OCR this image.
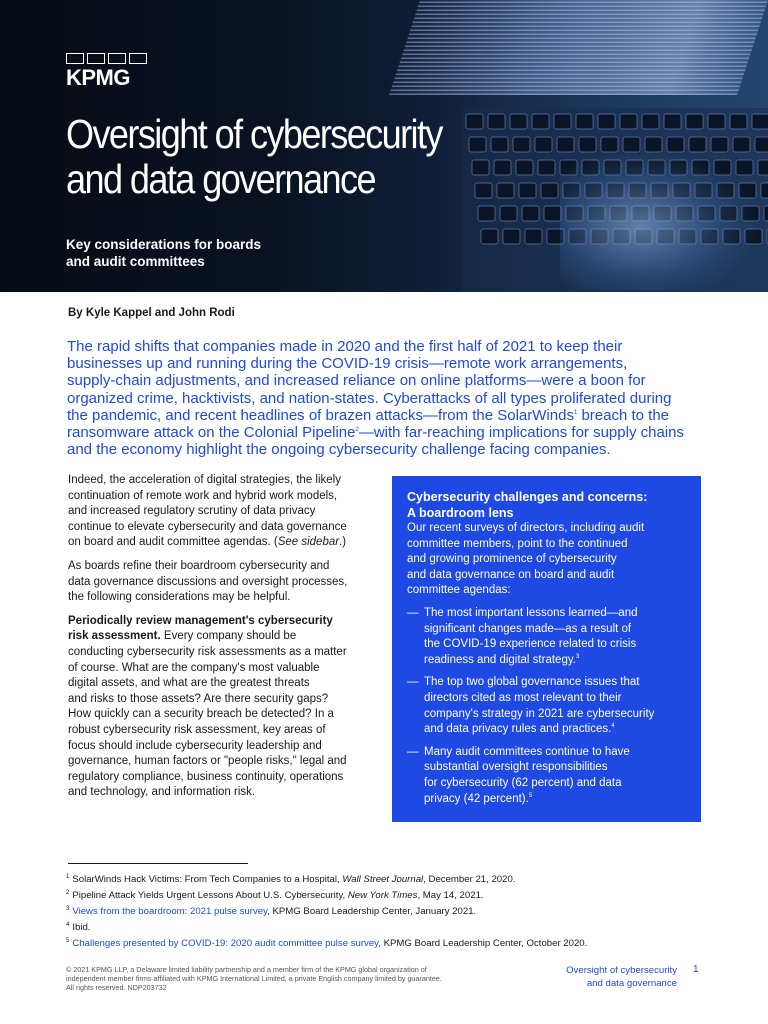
KPMG
Oversight of cybersecurity
and data governance
Key considerations for boards
and audit committees
By Kyle Kappel and John Rodi

The rapid shifts that companies made in 2020 and the first half of 2021 to keep their
businesses up and running during the COVID-19 crisis—remote work arrangements,
supply-chain adjustments, and increased reliance on online platforms—were a boon for
organized crime, hacktivists, and nation-states. Cyberattacks of all types proliferated during
the pandemic, and recent headlines of brazen attacks—from the SolarWinds$^1$ breach to the
ransomware attack on the Colonial Pipeline$^2$—with far-reaching implications for supply chains
and the economy highlight the ongoing cybersecurity challenge facing companies.

Indeed, the acceleration of digital strategies, the likely
continuation of remote work and hybrid work models,
and increased regulatory scrutiny of data privacy
continue to elevate cybersecurity and data governance
on board and audit committee agendas. (See sidebar.)

As boards refine their boardroom cybersecurity and
data governance discussions and oversight processes,
the following considerations may be helpful.

Periodically review management's cybersecurity
risk assessment. Every company should be
conducting cybersecurity risk assessments as a matter
of course. What are the company's most valuable
digital assets, and what are the greatest threats
and risks to those assets? Are there security gaps?
How quickly can a security breach be detected? In a
robust cybersecurity risk assessment, key areas of
focus should include cybersecurity leadership and
governance, human factors or "people risks," legal and
regulatory compliance, business continuity, operations
and technology, and information risk.

Cybersecurity challenges and concerns:
A boardroom lens

Our recent surveys of directors, including audit
committee members, point to the continued
and growing prominence of cybersecurity
and data governance on board and audit
committee agendas:

— The most important lessons learned—and
significant changes made—as a result of
the COVID-19 experience related to crisis
readiness and digital strategy.$^3$
— The top two global governance issues that
directors cited as most relevant to their
company's strategy in 2021 are cybersecurity
and data privacy rules and practices.$^4$
— Many audit committees continue to have
substantial oversight responsibilities
for cybersecurity (62 percent) and data
privacy (42 percent).$^5$
$^1$ SolarWinds Hack Victims: From Tech Companies to a Hospital, Wall Street Journal, December 21, 2020.
$^2$ Pipeline Attack Yields Urgent Lessons About U.S. Cybersecurity, New York Times, May 14, 2021.
$^3$ Views from the boardroom: 2021 pulse survey, KPMG Board Leadership Center, January 2021.
$^4$ Ibid.
$^5$ Challenges presented by COVID-19: 2020 audit committee pulse survey, KPMG Board Leadership Center, October 2020.
© 2021 KPMG LLP, a Delaware limited liability partnership and a member firm of the KPMG global organization of
independent member firms affiliated with KPMG International Limited, a private English company limited by guarantee.
All rights reserved. NDP203732
Oversight of cybersecurity
and data governance
1
